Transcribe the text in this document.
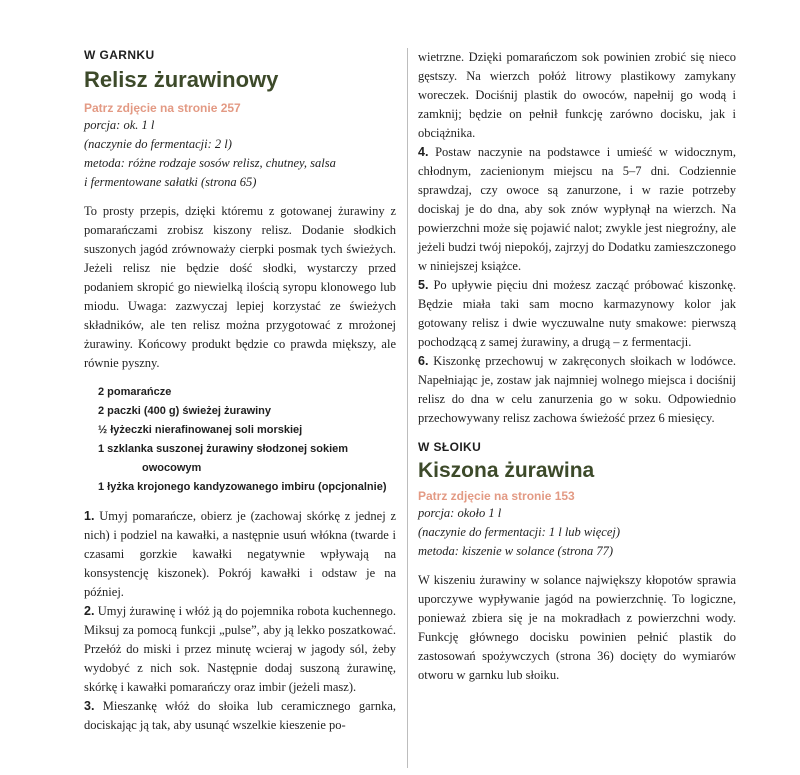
W GARNKU
Relisz żurawinowy
Patrz zdjęcie na stronie 257
porcja: ok. 1 l
(naczynie do fermentacji: 2 l)
metoda: różne rodzaje sosów relisz, chutney, salsa
i fermentowane sałatki (strona 65)

To prosty przepis, dzięki któremu z gotowanej żurawiny z pomarańczami zrobisz kiszony relisz. Dodanie słodkich suszonych jagód zrównoważy cierpki posmak tych świeżych. Jeżeli relisz nie będzie dość słodki, wystarczy przed podaniem skropić go niewielką ilością syropu klonowego lub miodu. Uwaga: zazwyczaj lepiej korzystać ze świeżych składników, ale ten relisz można przygotować z mrożonej żurawiny. Końcowy produkt będzie co prawda miększy, ale równie pyszny.

2 pomarańcze
2 paczki (400 g) świeżej żurawiny
½ łyżeczki nierafinowanej soli morskiej
1 szklanka suszonej żurawiny słodzonej sokiem
owocowym
1 łyżka krojonego kandyzowanego imbiru (opcjonalnie)

1. Umyj pomarańcze, obierz je (zachowaj skórkę z jednej z nich) i podziel na kawałki, a następnie usuń włókna (twarde i czasami gorzkie kawałki negatywnie wpływają na konsystencję kiszonek). Pokrój kawałki i odstaw je na później.

2. Umyj żurawinę i włóż ją do pojemnika robota kuchennego. Miksuj za pomocą funkcji „pulse”, aby ją lekko poszatkować. Przełóż do miski i przez minutę wcieraj w jagody sól, żeby wydobyć z nich sok. Następnie dodaj suszoną żurawinę, skórkę i kawałki pomarańczy oraz imbir (jeżeli masz).

3. Mieszankę włóż do słoika lub ceramicznego garnka, dociskając ją tak, aby usunąć wszelkie kieszenie po-

wietrzne. Dzięki pomarańczom sok powinien zrobić się nieco gęstszy. Na wierzch połóż litrowy plastikowy zamykany woreczek. Dociśnij plastik do owoców, napełnij go wodą i zamknij; będzie on pełnił funkcję zarówno docisku, jak i obciążnika.

4. Postaw naczynie na podstawce i umieść w widocznym, chłodnym, zacienionym miejscu na 5–7 dni. Codziennie sprawdzaj, czy owoce są zanurzone, i w razie potrzeby dociskaj je do dna, aby sok znów wypłynął na wierzch. Na powierzchni może się pojawić nalot; zwykle jest niegroźny, ale jeżeli budzi twój niepokój, zajrzyj do Dodatku zamieszczonego w niniejszej książce.

5. Po upływie pięciu dni możesz zacząć próbować kiszonkę. Będzie miała taki sam mocno karmazynowy kolor jak gotowany relisz i dwie wyczuwalne nuty smakowe: pierwszą pochodzącą z samej żurawiny, a drugą – z fermentacji.

6. Kiszonkę przechowuj w zakręconych słoikach w lodówce. Napełniając je, zostaw jak najmniej wolnego miejsca i dociśnij relisz do dna w celu zanurzenia go w soku. Odpowiednio przechowywany relisz zachowa świeżość przez 6 miesięcy.

W SŁOIKU
Kiszona żurawina
Patrz zdjęcie na stronie 153
porcja: około 1 l
(naczynie do fermentacji: 1 l lub więcej)
metoda: kiszenie w solance (strona 77)

W kiszeniu żurawiny w solance największy kłopotów sprawia uporczywe wypływanie jagód na powierzchnię. To logiczne, ponieważ zbiera się je na mokradłach z powierzchni wody. Funkcję głównego docisku powinien pełnić plastik do zastosowań spożywczych (strona 36) docięty do wymiarów otworu w garnku lub słoiku.
